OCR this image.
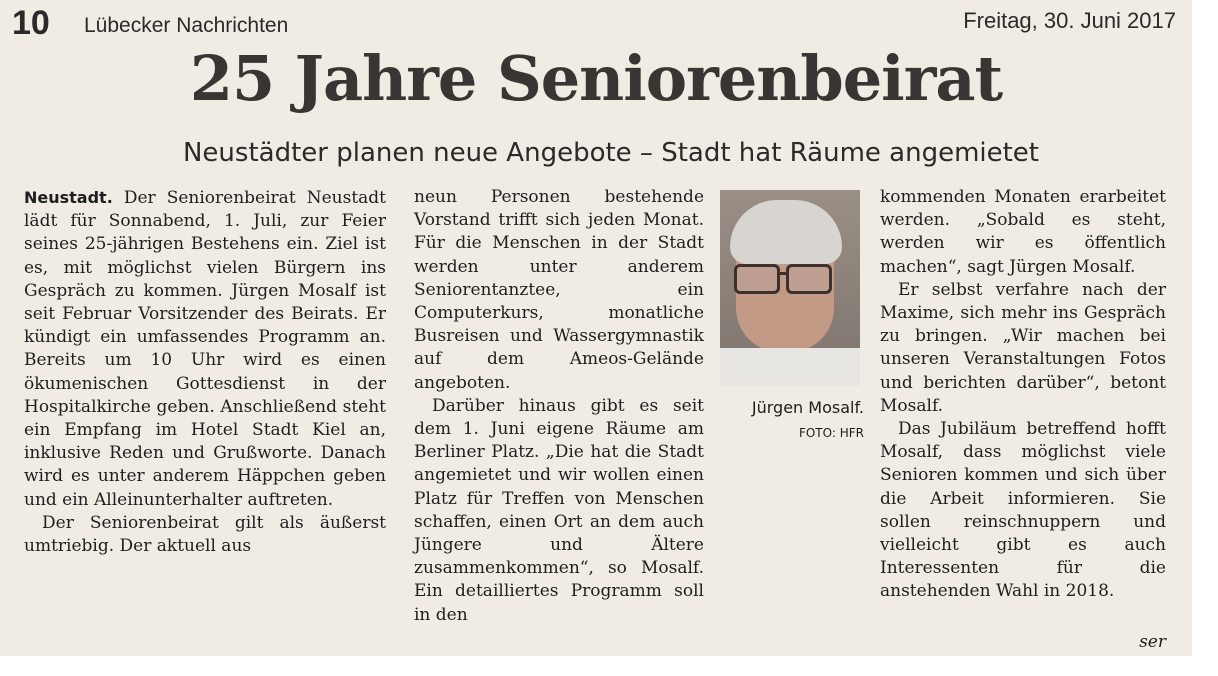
10 Lübecker Nachrichten	Freitag, 30. Juni 2017
25 Jahre Seniorenbeirat
Neustädter planen neue Angebote – Stadt hat Räume angemietet

Neustadt. Der Seniorenbeirat Neustadt lädt für Sonnabend, 1. Juli, zur Feier seines 25-jährigen Bestehens ein. Ziel ist es, mit möglichst vielen Bürgern ins Gespräch zu kommen. Jürgen Mosalf ist seit Februar Vorsitzender des Beirats. Er kündigt ein umfassendes Programm an. Bereits um 10 Uhr wird es einen ökumenischen Gottesdienst in der Hospitalkirche geben. Anschließend steht ein Empfang im Hotel Stadt Kiel an, inklusive Reden und Grußworte. Danach wird es unter anderem Häppchen geben und ein Alleinunterhalter auftreten.

Der Seniorenbeirat gilt als äußerst umtriebig. Der aktuell aus

neun Personen bestehende Vorstand trifft sich jeden Monat. Für die Menschen in der Stadt werden unter anderem Seniorentanztee, ein Computerkurs, monatliche Busreisen und Wassergymnastik auf dem Ameos-Gelände angeboten.

Darüber hinaus gibt es seit dem 1. Juni eigene Räume am Berliner Platz. „Die hat die Stadt angemietet und wir wollen einen Platz für Treffen von Menschen schaffen, einen Ort an dem auch Jüngere und Ältere zusammenkommen“, so Mosalf. Ein detailliertes Programm soll in den

Jürgen Mosalf.
FOTO: HFR

kommenden Monaten erarbeitet werden. „Sobald es steht, werden wir es öffentlich machen“, sagt Jürgen Mosalf.

Er selbst verfahre nach der Maxime, sich mehr ins Gespräch zu bringen. „Wir machen bei unseren Veranstaltungen Fotos und berichten darüber“, betont Mosalf.

Das Jubiläum betreffend hofft Mosalf, dass möglichst viele Senioren kommen und sich über die Arbeit informieren. Sie sollen reinschnuppern und vielleicht gibt es auch Interessenten für die anstehenden Wahl in 2018.

ser
